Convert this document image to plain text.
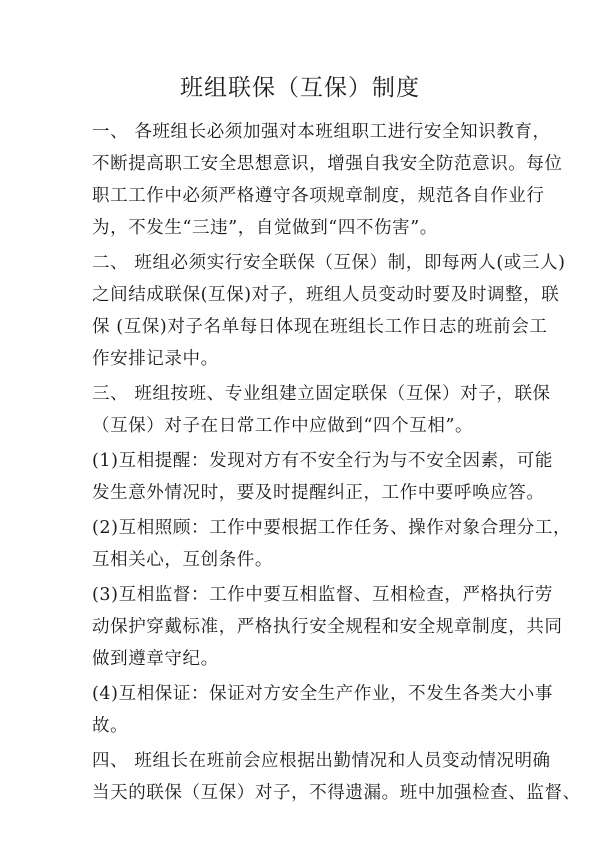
班组联保（互保）制度
一、 各班组长必须加强对本班组职工进行安全知识教育，
不断提高职工安全思想意识，增强自我安全防范意识。每位
职工工作中必须严格遵守各项规章制度，规范各自作业行
为，不发生“三违”，自觉做到“四不伤害”。
二、 班组必须实行安全联保（互保）制，即每两人(或三人)
之间结成联保(互保)对子，班组人员变动时要及时调整，联
保 (互保)对子名单每日体现在班组长工作日志的班前会工
作安排记录中。
三、 班组按班、专业组建立固定联保（互保）对子，联保
（互保）对子在日常工作中应做到“四个互相”。
(1)互相提醒：发现对方有不安全行为与不安全因素，可能
发生意外情况时，要及时提醒纠正，工作中要呼唤应答。
(2)互相照顾：工作中要根据工作任务、操作对象合理分工，
互相关心，互创条件。
(3)互相监督：工作中要互相监督、互相检查，严格执行劳
动保护穿戴标准，严格执行安全规程和安全规章制度，共同
做到遵章守纪。
(4)互相保证：保证对方安全生产作业，不发生各类大小事
故。
四、 班组长在班前会应根据出勤情况和人员变动情况明确
当天的联保（互保）对子，不得遗漏。班中加强检查、监督、
